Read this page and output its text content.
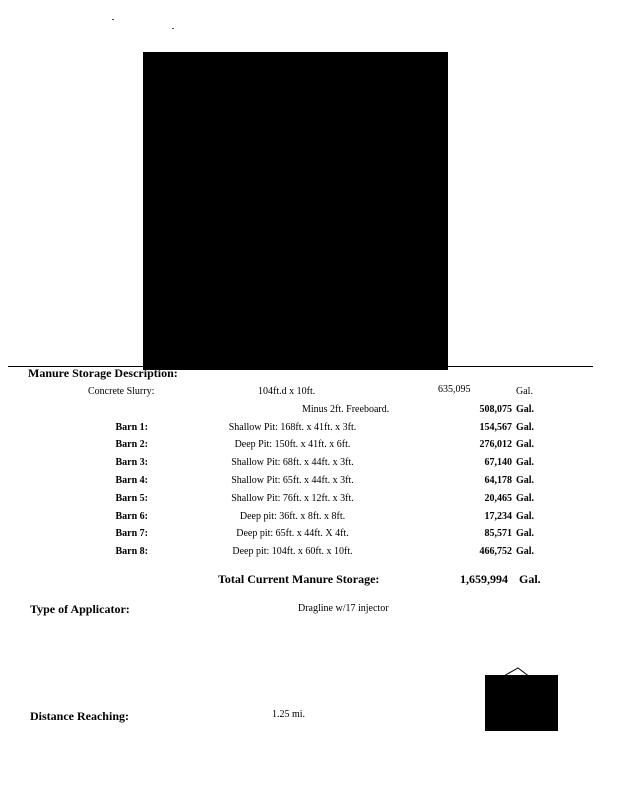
Manure Storage Description:
Concrete Slurry:	104ft.d x 10ft.	635,095	Gal.
Minus 2ft. Freeboard.	508,075 Gal.
Barn 1:	Shallow Pit: 168ft. x 41ft. x 3ft.	154,567 Gal.
Barn 2:	Deep Pit: 150ft. x 41ft. x 6ft.	276,012 Gal.
Barn 3:	Shallow Pit: 68ft. x 44ft. x 3ft.	67,140 Gal.
Barn 4:	Shallow Pit: 65ft. x 44ft. x 3ft.	64,178 Gal.
Barn 5:	Shallow Pit: 76ft. x 12ft. x 3ft.	20,465 Gal.
Barn 6:	Deep pit: 36ft. x 8ft. x 8ft.	17,234 Gal.
Barn 7:	Deep pit: 65ft. x 44ft. X 4ft.	85,571 Gal.
Barn 8:	Deep pit: 104ft. x 60ft. x 10ft.	466,752 Gal.
Total Current Manure Storage:	1,659,994 Gal.
Type of Applicator:	Dragline w/17 injector
Distance Reaching:	1.25 mi.
